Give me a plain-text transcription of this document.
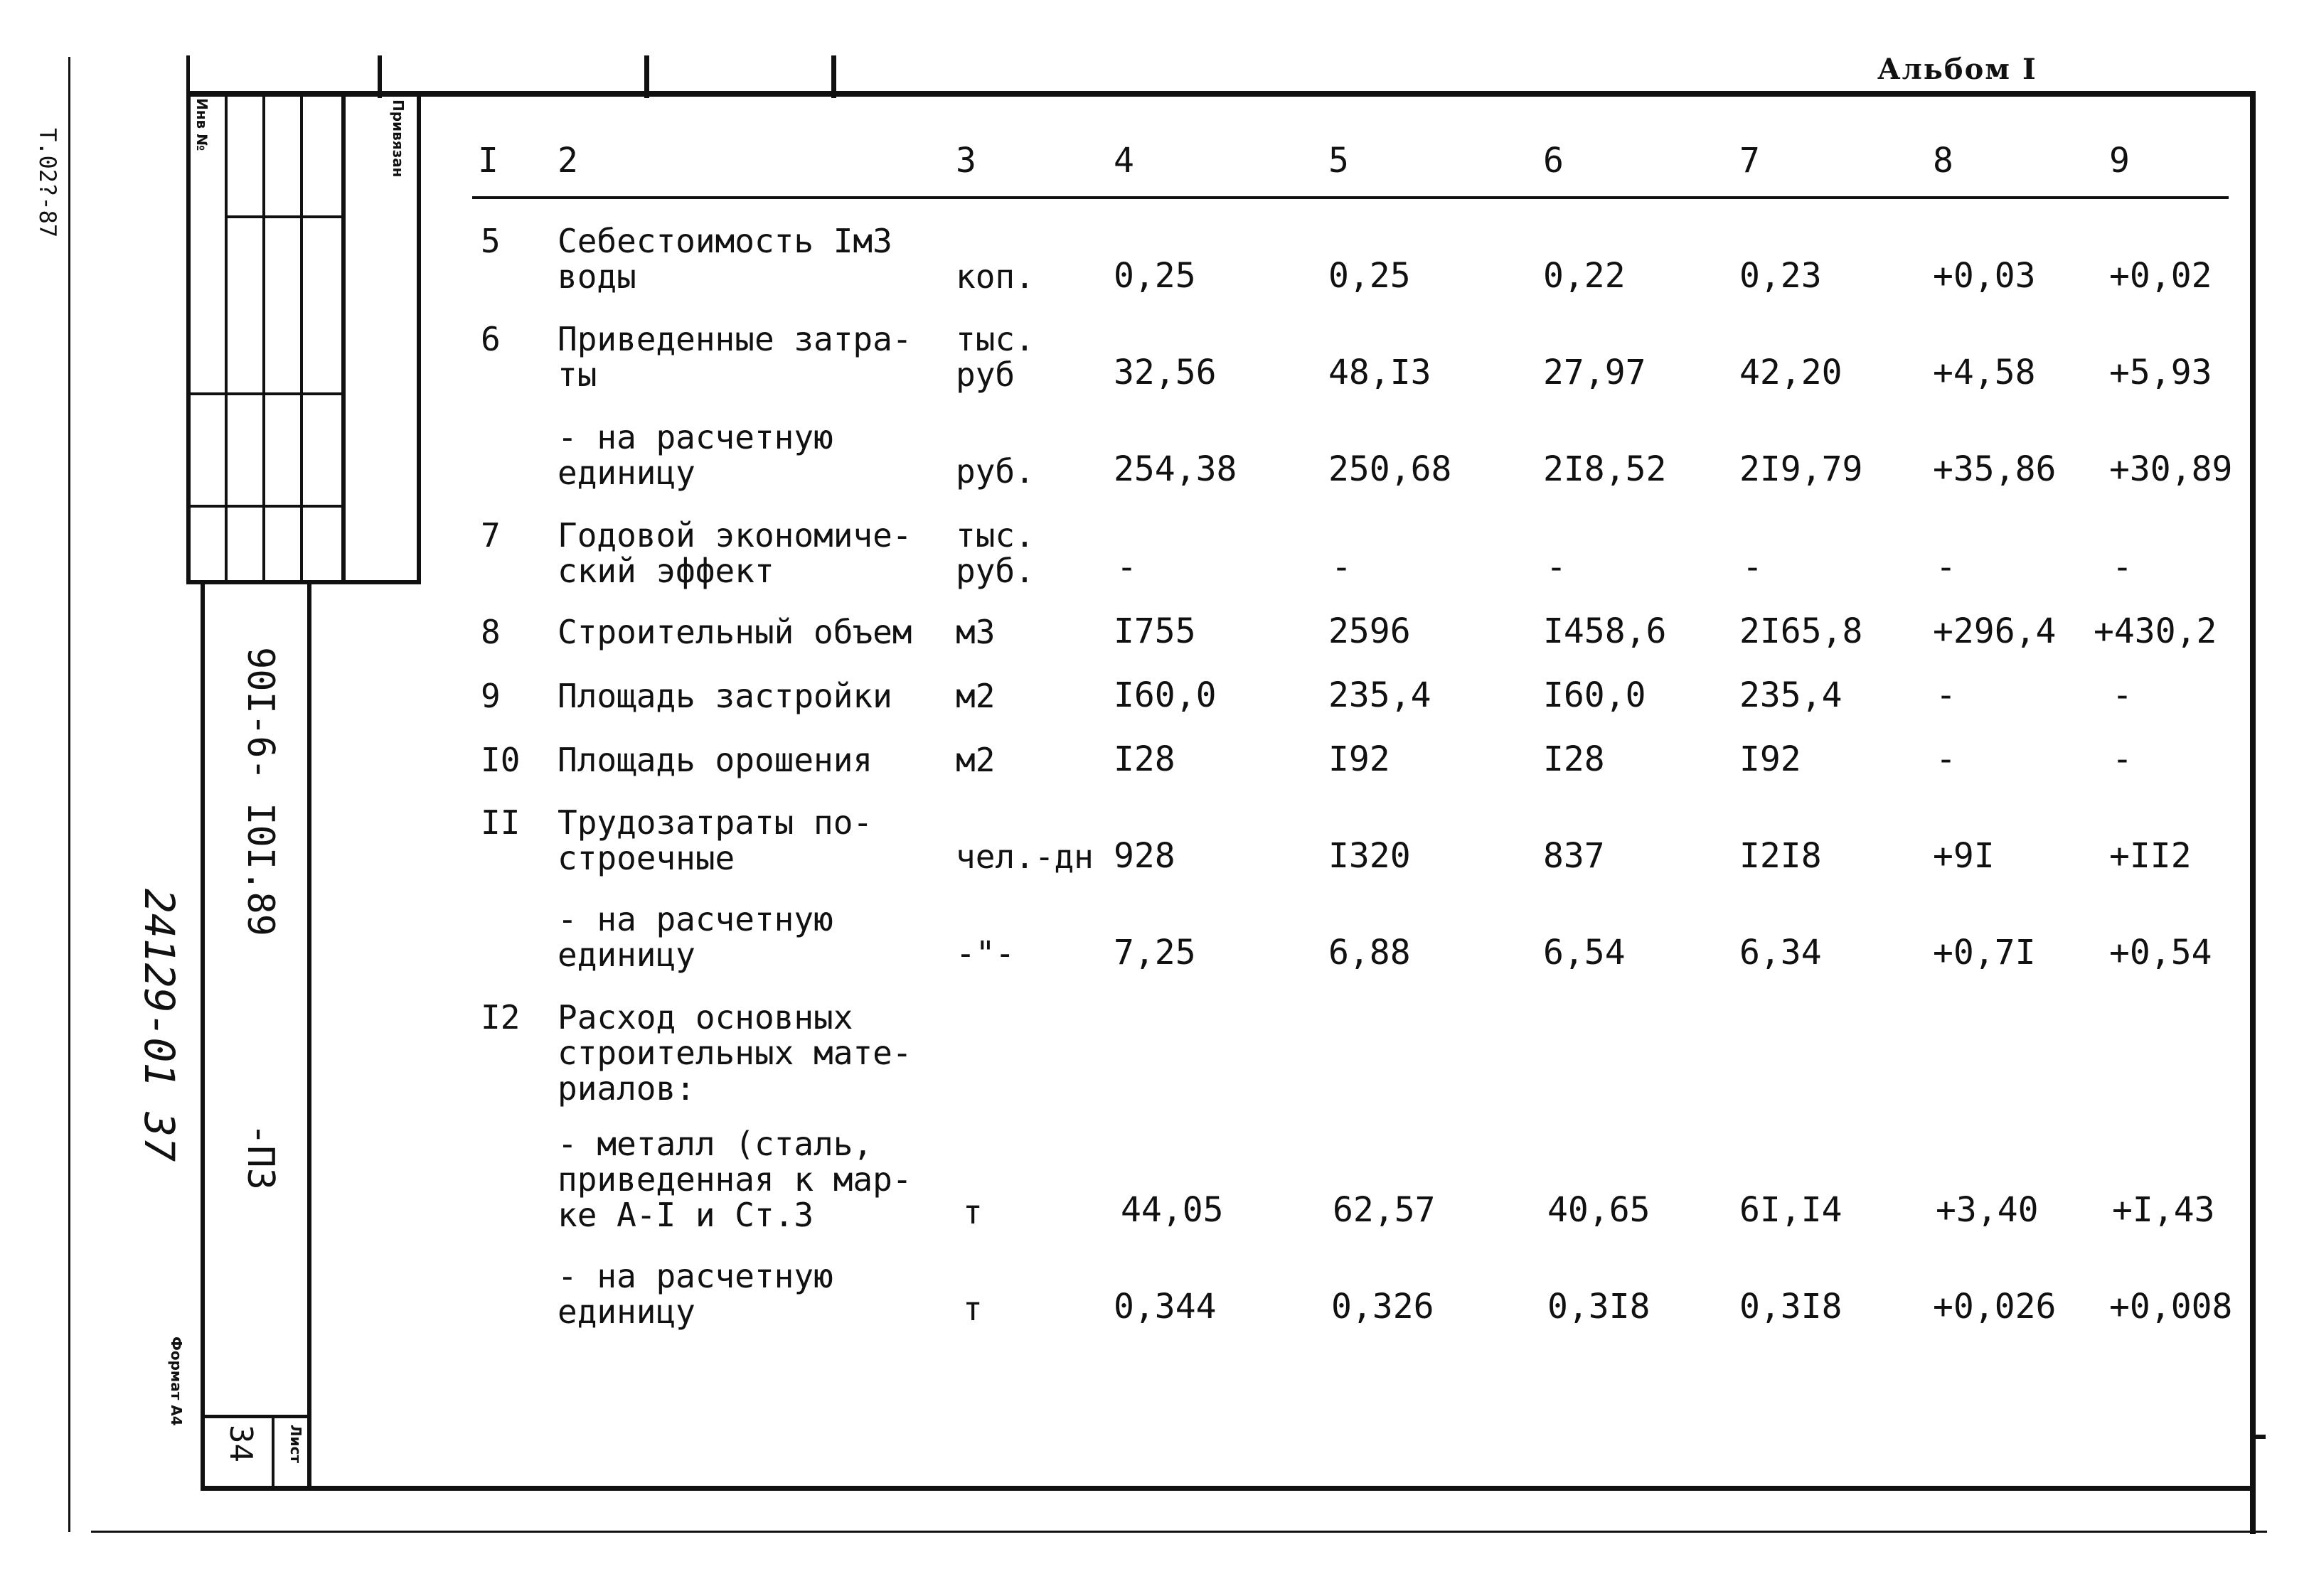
Инв №	Привязан
90I-6- I0I.89
-ПЗ
Лист
34
Т.02?-87
24129-01 37
Формат А4
Альбом I
I 2	3	4	5	6	7	8	9
5 Себестоимость Iм3
воды	коп. 0,25	0,25	0,22	0,23	+0,03 +0,02
6 Приведенные затра-
ты
тыс.
руб	32,56	48,I3	27,97	42,20	+4,58 +5,93
- на расчетную
единицу	руб. 254,38	250,68	2I8,52 2I9,79 +35,86 +30,89
7 Годовой экономиче-
ский эффект
тыс.
руб. -	-	-	-	-	-
8 Строительный объем м3	I755	2596	I458,6 2I65,8 +296,4 +430,2
9 Площадь застройки м2	I60,0	235,4	I60,0	235,4	-	-
I0 Площадь орошения	м2	I28	I92	I28	I92	-	-
II Трудозатраты по-
строечные	чел.-дн 928	I320	837	I2I8	+9I	+II2
- на расчетную
единицу	-"-	7,25	6,88	6,54	6,34	+0,7I +0,54
I2 Расход основных
строительных мате-
риалов:
- металл (сталь,
приведенная к мар-
ке А-I и Ст.3	т	44,05	62,57	40,65	6I,I4	+3,40 +I,43
- на расчетную
единицу	т	0,344	0,326	0,3I8	0,3I8	+0,026 +0,008
